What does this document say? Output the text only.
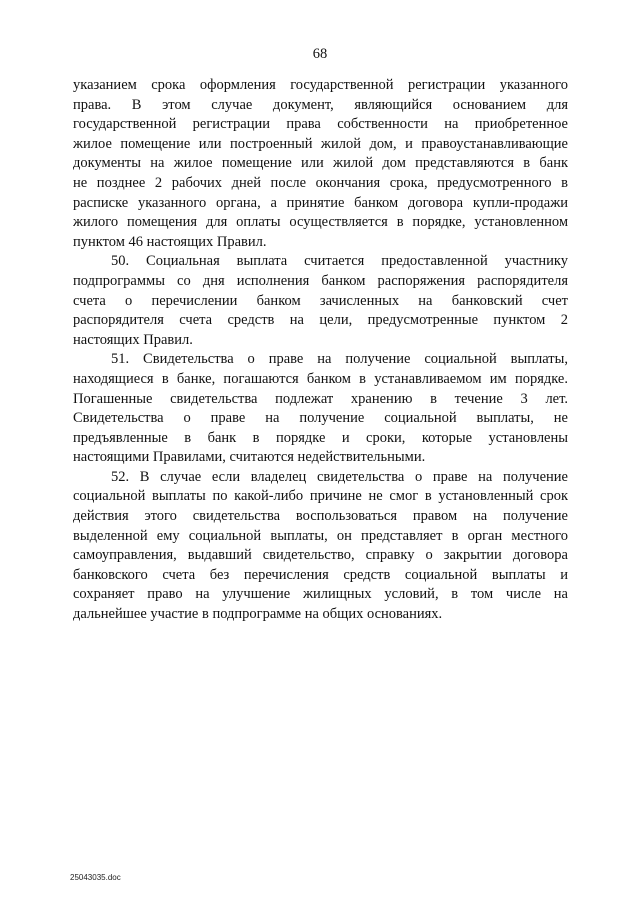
68
указанием срока оформления государственной регистрации указанного
права. В этом случае документ, являющийся основанием для
государственной регистрации права собственности на приобретенное
жилое помещение или построенный жилой дом, и правоустанавливающие
документы на жилое помещение или жилой дом представляются в банк
не позднее 2 рабочих дней после окончания срока, предусмотренного в
расписке указанного органа, а принятие банком договора купли-продажи
жилого помещения для оплаты осуществляется в порядке, установленном
пунктом 46 настоящих Правил.
50. Социальная выплата считается предоставленной участнику
подпрограммы со дня исполнения банком распоряжения распорядителя
счета о перечислении банком зачисленных на банковский счет
распорядителя счета средств на цели, предусмотренные пунктом 2
настоящих Правил.
51. Свидетельства о праве на получение социальной выплаты,
находящиеся в банке, погашаются банком в устанавливаемом им порядке.
Погашенные свидетельства подлежат хранению в течение 3 лет.
Свидетельства о праве на получение социальной выплаты, не
предъявленные в банк в порядке и сроки, которые установлены
настоящими Правилами, считаются недействительными.
52. В случае если владелец свидетельства о праве на получение
социальной выплаты по какой-либо причине не смог в установленный срок
действия этого свидетельства воспользоваться правом на получение
выделенной ему социальной выплаты, он представляет в орган местного
самоуправления, выдавший свидетельство, справку о закрытии договора
банковского счета без перечисления средств социальной выплаты и
сохраняет право на улучшение жилищных условий, в том числе на
дальнейшее участие в подпрограмме на общих основаниях.
25043035.doc
